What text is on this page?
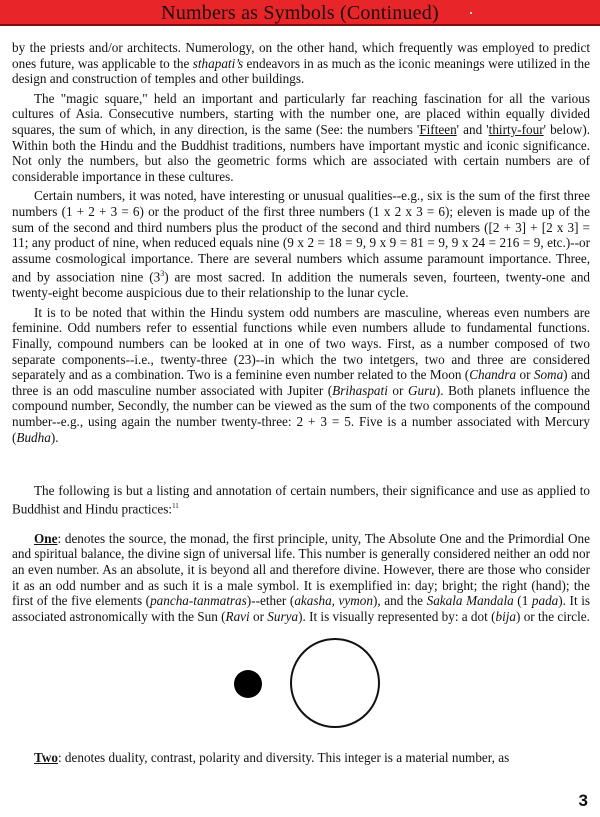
Numbers as Symbols (Continued)

by the priests and/or architects. Numerology, on the other hand, which frequently was employed to predict ones future, was applicable to the sthapati’s endeavors in as much as the iconic meanings were utilized in the design and construction of temples and other buildings.

The "magic square," held an important and particularly far reaching fascination for all the various cultures of Asia. Consecutive numbers, starting with the number one, are placed within equally divided squares, the sum of which, in any direction, is the same (See: the numbers 'Fifteen' and 'thirty-four' below). Within both the Hindu and the Buddhist traditions, numbers have important mystic and iconic significance. Not only the numbers, but also the geometric forms which are associated with certain numbers are of considerable importance in these cultures.

Certain numbers, it was noted, have interesting or unusual qualities--e.g., six is the sum of the first three numbers (1 + 2 + 3 = 6) or the product of the first three numbers (1 x 2 x 3 = 6); eleven is made up of the sum of the second and third numbers plus the product of the second and third numbers ([2 + 3] + [2 x 3] = 11; any product of nine, when reduced equals nine (9 x 2 = 18 = 9, 9 x 9 = 81 = 9, 9 x 24 = 216 = 9, etc.)--or assume cosmological importance. There are several numbers which assume paramount importance. Three, and by association nine $(3^3)$ are most sacred. In addition the numerals seven, fourteen, twenty-one and twenty-eight become auspicious due to their relationship to the lunar cycle.

It is to be noted that within the Hindu system odd numbers are masculine, whereas even numbers are feminine. Odd numbers refer to essential functions while even numbers allude to fundamental functions. Finally, compound numbers can be looked at in one of two ways. First, as a number composed of two separate components--i.e., twenty-three (23)--in which the two intetgers, two and three are considered separately and as a combination. Two is a feminine even number related to the Moon (Chandra or Soma) and three is an odd masculine number associated with Jupiter (Brihaspati or Guru). Both planets influence the compound number, Secondly, the number can be viewed as the sum of the two components of the compound number--e.g., using again the number twenty-three: 2 + 3 = 5. Five is a number associated with Mercury (Budha).

The following is but a listing and annotation of certain numbers, their significance and use as applied to Buddhist and Hindu practices:$^{11}$

One: denotes the source, the monad, the first principle, unity, The Absolute One and the Primordial One and spiritual balance, the divine sign of universal life. This number is generally considered neither an odd nor an even number. As an absolute, it is beyond all and therefore divine. However, there are those who consider it as an odd number and as such it is a male symbol. It is exemplified in: day; bright; the right (hand); the first of the five elements (pancha-tanmatras)--ether (akasha, vymon), and the Sakala Mandala (1 pada). It is associated astronomically with the Sun (Ravi or Surya). It is visually represented by: a dot (bija) or the circle.

Two: denotes duality, contrast, polarity and diversity. This integer is a material number, as

3
